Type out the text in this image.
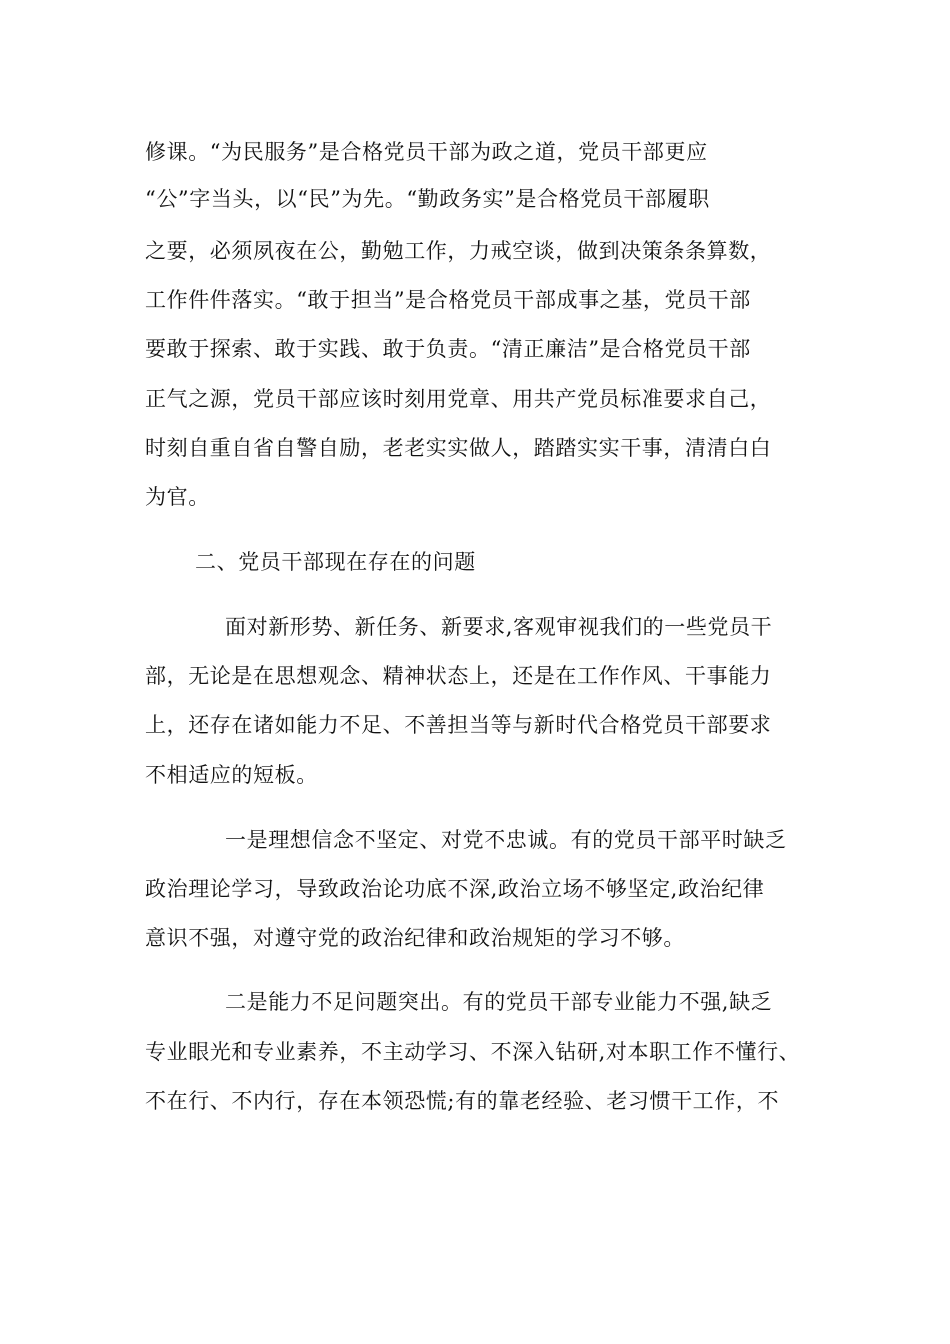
修课。“为民服务”是合格党员干部为政之道，党员干部更应
“公”字当头，以“民”为先。“勤政务实”是合格党员干部履职
之要，必须夙夜在公，勤勉工作，力戒空谈，做到决策条条算数，
工作件件落实。“敢于担当”是合格党员干部成事之基，党员干部
要敢于探索、敢于实践、敢于负责。“清正廉洁”是合格党员干部
正气之源，党员干部应该时刻用党章、用共产党员标准要求自己，
时刻自重自省自警自励，老老实实做人，踏踏实实干事，清清白白
为官。
二、党员干部现在存在的问题
面对新形势、新任务、新要求,客观审视我们的一些党员干
部，无论是在思想观念、精神状态上，还是在工作作风、干事能力
上，还存在诸如能力不足、不善担当等与新时代合格党员干部要求
不相适应的短板。
一是理想信念不坚定、对党不忠诚。有的党员干部平时缺乏
政治理论学习，导致政治论功底不深,政治立场不够坚定,政治纪律
意识不强，对遵守党的政治纪律和政治规矩的学习不够。
二是能力不足问题突出。有的党员干部专业能力不强,缺乏
专业眼光和专业素养，不主动学习、不深入钻研,对本职工作不懂行、
不在行、不内行，存在本领恐慌;有的靠老经验、老习惯干工作，不
